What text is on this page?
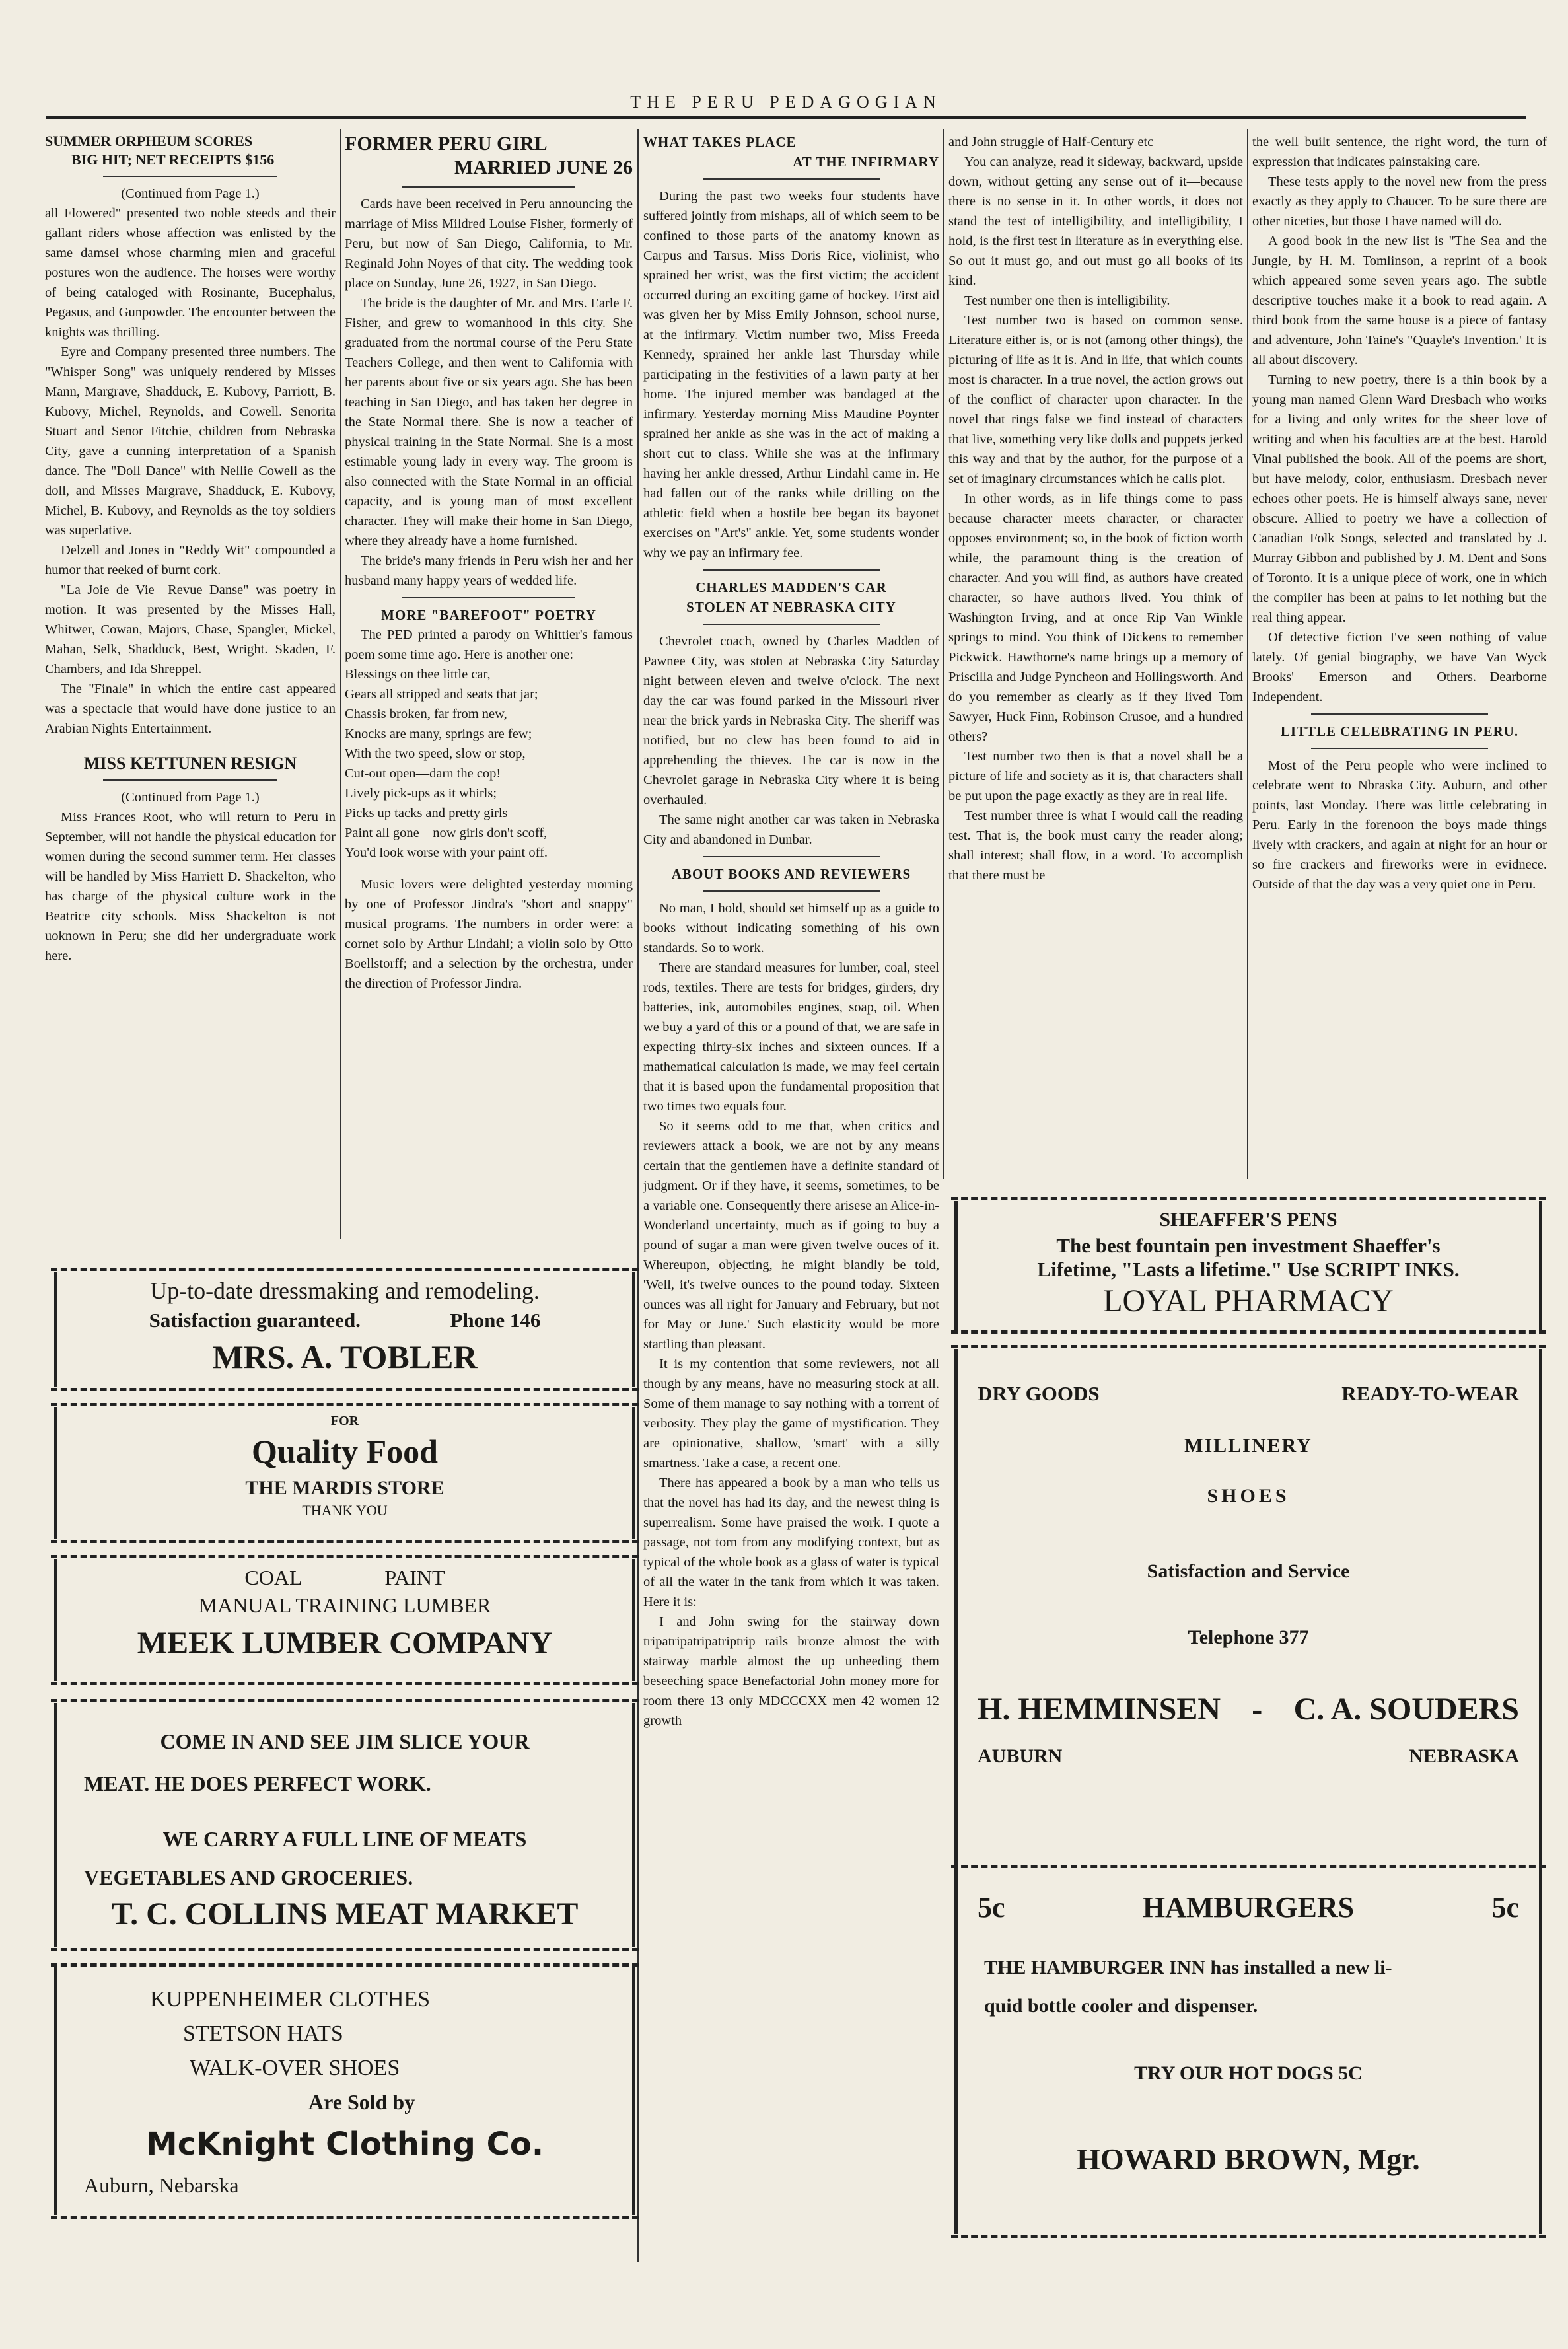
THE PERU PEDAGOGIAN
SUMMER ORPHEUM SCORES
BIG HIT; NET RECEIPTS $156

(Continued from Page 1.)

all Flowered" presented two noble steeds and their gallant riders whose affection was enlisted by the same damsel whose charming mien and graceful postures won the audience. The horses were worthy of being cataloged with Rosinante, Bucephalus, Pegasus, and Gunpowder. The encounter between the knights was thrilling.

Eyre and Company presented three numbers. The "Whisper Song" was uniquely rendered by Misses Mann, Margrave, Shadduck, E. Kubovy, Parriott, B. Kubovy, Michel, Reynolds, and Cowell. Senorita Stuart and Senor Fitchie, children from Nebraska City, gave a cunning interpretation of a Spanish dance. The "Doll Dance" with Nellie Cowell as the doll, and Misses Margrave, Shadduck, E. Kubovy, Michel, B. Kubovy, and Reynolds as the toy soldiers was superlative.

Delzell and Jones in "Reddy Wit" compounded a humor that reeked of burnt cork.

"La Joie de Vie—Revue Danse" was poetry in motion. It was presented by the Misses Hall, Whitwer, Cowan, Majors, Chase, Spangler, Mickel, Mahan, Selk, Shadduck, Best, Wright. Skaden, F. Chambers, and Ida Shreppel.

The "Finale" in which the entire cast appeared was a spectacle that would have done justice to an Arabian Nights Entertainment.

MISS KETTUNEN RESIGN

(Continued from Page 1.)

Miss Frances Root, who will return to Peru in September, will not handle the physical education for women during the second summer term. Her classes will be handled by Miss Harriett D. Shackelton, who has charge of the physical culture work in the Beatrice city schools. Miss Shackelton is not uoknown in Peru; she did her undergraduate work here.

FORMER PERU GIRL
MARRIED JUNE 26

Cards have been received in Peru announcing the marriage of Miss Mildred Louise Fisher, formerly of Peru, but now of San Diego, California, to Mr. Reginald John Noyes of that city. The wedding took place on Sunday, June 26, 1927, in San Diego.

The bride is the daughter of Mr. and Mrs. Earle F. Fisher, and grew to womanhood in this city. She graduated from the nortmal course of the Peru State Teachers College, and then went to California with her parents about five or six years ago. She has been teaching in San Diego, and has taken her degree in the State Normal there. She is now a teacher of physical training in the State Normal. She is a most estimable young lady in every way. The groom is also connected with the State Normal in an official capacity, and is young man of most excellent character. They will make their home in San Diego, where they already have a home furnished.

The bride's many friends in Peru wish her and her husband many happy years of wedded life.

MORE "BAREFOOT" POETRY

The PED printed a parody on Whittier's famous poem some time ago. Here is another one:

Blessings on thee little car,

Gears all stripped and seats that jar;

Chassis broken, far from new,

Knocks are many, springs are few;

With the two speed, slow or stop,

Cut-out open—darn the cop!

Lively pick-ups as it whirls;

Picks up tacks and pretty girls—

Paint all gone—now girls don't scoff,

You'd look worse with your paint off.

Music lovers were delighted yesterday morning by one of Professor Jindra's "short and snappy" musical programs. The numbers in order were: a cornet solo by Arthur Lindahl; a violin solo by Otto Boellstorff; and a selection by the orchestra, under the direction of Professor Jindra.

WHAT TAKES PLACE
AT THE INFIRMARY

During the past two weeks four students have suffered jointly from mishaps, all of which seem to be confined to those parts of the anatomy known as Carpus and Tarsus. Miss Doris Rice, violinist, who sprained her wrist, was the first victim; the accident occurred during an exciting game of hockey. First aid was given her by Miss Emily Johnson, school nurse, at the infirmary. Victim number two, Miss Freeda Kennedy, sprained her ankle last Thursday while participating in the festivities of a lawn party at her home. The injured member was bandaged at the infirmary. Yesterday morning Miss Maudine Poynter sprained her ankle as she was in the act of making a short cut to class. While she was at the infirmary having her ankle dressed, Arthur Lindahl came in. He had fallen out of the ranks while drilling on the athletic field when a hostile bee began its bayonet exercises on "Art's" ankle. Yet, some students wonder why we pay an infirmary fee.

CHARLES MADDEN'S CAR
STOLEN AT NEBRASKA CITY

Chevrolet coach, owned by Charles Madden of Pawnee City, was stolen at Nebraska City Saturday night between eleven and twelve o'clock. The next day the car was found parked in the Missouri river near the brick yards in Nebraska City. The sheriff was notified, but no clew has been found to aid in apprehending the thieves. The car is now in the Chevrolet garage in Nebraska City where it is being overhauled.

The same night another car was taken in Nebraska City and abandoned in Dunbar.

ABOUT BOOKS AND REVIEWERS

No man, I hold, should set himself up as a guide to books without indicating something of his own standards. So to work.

There are standard measures for lumber, coal, steel rods, textiles. There are tests for bridges, girders, dry batteries, ink, automobiles engines, soap, oil. When we buy a yard of this or a pound of that, we are safe in expecting thirty-six inches and sixteen ounces. If a mathematical calculation is made, we may feel certain that it is based upon the fundamental proposition that two times two equals four.

So it seems odd to me that, when critics and reviewers attack a book, we are not by any means certain that the gentlemen have a definite standard of judgment. Or if they have, it seems, sometimes, to be a variable one. Consequently there arisese an Alice-in-Wonderland uncertainty, much as if going to buy a pound of sugar a man were given twelve ouces of it. Whereupon, objecting, he might blandly be told, 'Well, it's twelve ounces to the pound today. Sixteen ounces was all right for January and February, but not for May or June.' Such elasticity would be more startling than pleasant.

It is my contention that some reviewers, not all though by any means, have no measuring stock at all. Some of them manage to say nothing with a torrent of verbosity. They play the game of mystification. They are opinionative, shallow, 'smart' with a silly smartness. Take a case, a recent one.

There has appeared a book by a man who tells us that the novel has had its day, and the newest thing is superrealism. Some have praised the work. I quote a passage, not torn from any modifying context, but as typical of the whole book as a glass of water is typical of all the water in the tank from which it was taken. Here it is:

I and John swing for the stairway down tripatripatripatriptrip rails bronze almost the with stairway marble almost the up unheeding them beseeching space Benefactorial John money more for room there 13 only MDCCCXX men 42 women 12 growth

and John struggle of Half-Century etc

You can analyze, read it sideway, backward, upside down, without getting any sense out of it—because there is no sense in it. In other words, it does not stand the test of intelligibility, and intelligibility, I hold, is the first test in literature as in everything else. So out it must go, and out must go all books of its kind.

Test number one then is intelligibility.

Test number two is based on common sense. Literature either is, or is not (among other things), the picturing of life as it is. And in life, that which counts most is character. In a true novel, the action grows out of the conflict of character upon character. In the novel that rings false we find instead of characters that live, something very like dolls and puppets jerked this way and that by the author, for the purpose of a set of imaginary circumstances which he calls plot.

In other words, as in life things come to pass because character meets character, or character opposes environment; so, in the book of fiction worth while, the paramount thing is the creation of character. And you will find, as authors have created character, so have authors lived. You think of Washington Irving, and at once Rip Van Winkle springs to mind. You think of Dickens to remember Pickwick. Hawthorne's name brings up a memory of Priscilla and Judge Pyncheon and Hollingsworth. And do you remember as clearly as if they lived Tom Sawyer, Huck Finn, Robinson Crusoe, and a hundred others?

Test number two then is that a novel shall be a picture of life and society as it is, that characters shall be put upon the page exactly as they are in real life.

Test number three is what I would call the reading test. That is, the book must carry the reader along; shall interest; shall flow, in a word. To accomplish that there must be

the well built sentence, the right word, the turn of expression that indicates painstaking care.

These tests apply to the novel new from the press exactly as they apply to Chaucer. To be sure there are other niceties, but those I have named will do.

A good book in the new list is "The Sea and the Jungle, by H. M. Tomlinson, a reprint of a book which appeared some seven years ago. The subtle descriptive touches make it a book to read again. A third book from the same house is a piece of fantasy and adventure, John Taine's "Quayle's Invention.' It is all about discovery.

Turning to new poetry, there is a thin book by a young man named Glenn Ward Dresbach who works for a living and only writes for the sheer love of writing and when his faculties are at the best. Harold Vinal published the book. All of the poems are short, but have melody, color, enthusiasm. Dresbach never echoes other poets. He is himself always sane, never obscure. Allied to poetry we have a collection of Canadian Folk Songs, selected and translated by J. Murray Gibbon and published by J. M. Dent and Sons of Toronto. It is a unique piece of work, one in which the compiler has been at pains to let nothing but the real thing appear.

Of detective fiction I've seen nothing of value lately. Of genial biography, we have Van Wyck Brooks' Emerson and Others.—Dearborne Independent.

LITTLE CELEBRATING IN PERU.

Most of the Peru people who were inclined to celebrate went to Nbraska City. Auburn, and other points, last Monday. There was little celebrating in Peru. Early in the forenoon the boys made things lively with crackers, and again at night for an hour or so fire crackers and fireworks were in evidnece. Outside of that the day was a very quiet one in Peru.

Up-to-date dressmaking and remodeling.
Satisfaction guaranteed.	Phone 146
MRS. A. TOBLER
FOR
Quality Food
THE MARDIS STORE
THANK YOU
COAL	PAINT
MANUAL TRAINING LUMBER
MEEK LUMBER COMPANY
COME IN AND SEE JIM SLICE YOUR
MEAT. HE DOES PERFECT WORK.
WE CARRY A FULL LINE OF MEATS
VEGETABLES AND GROCERIES.
T. C. COLLINS MEAT MARKET
KUPPENHEIMER CLOTHES
STETSON HATS
WALK-OVER SHOES
Are Sold by
McKnight Clothing Co.
Auburn, Nebarska
SHEAFFER'S PENS
The best fountain pen investment Shaeffer's
Lifetime, "Lasts a lifetime." Use SCRIPT INKS.
LOYAL PHARMACY
DRY GOODS	READY-TO-WEAR
MILLINERY
SHOES
Satisfaction and Service
Telephone 377
H. HEMMINSEN - C. A. SOUDERS
AUBURN	NEBRASKA
5c	HAMBURGERS	5c
THE HAMBURGER INN has installed a new li-
quid bottle cooler and dispenser.
TRY OUR HOT DOGS 5C
HOWARD BROWN, Mgr.
